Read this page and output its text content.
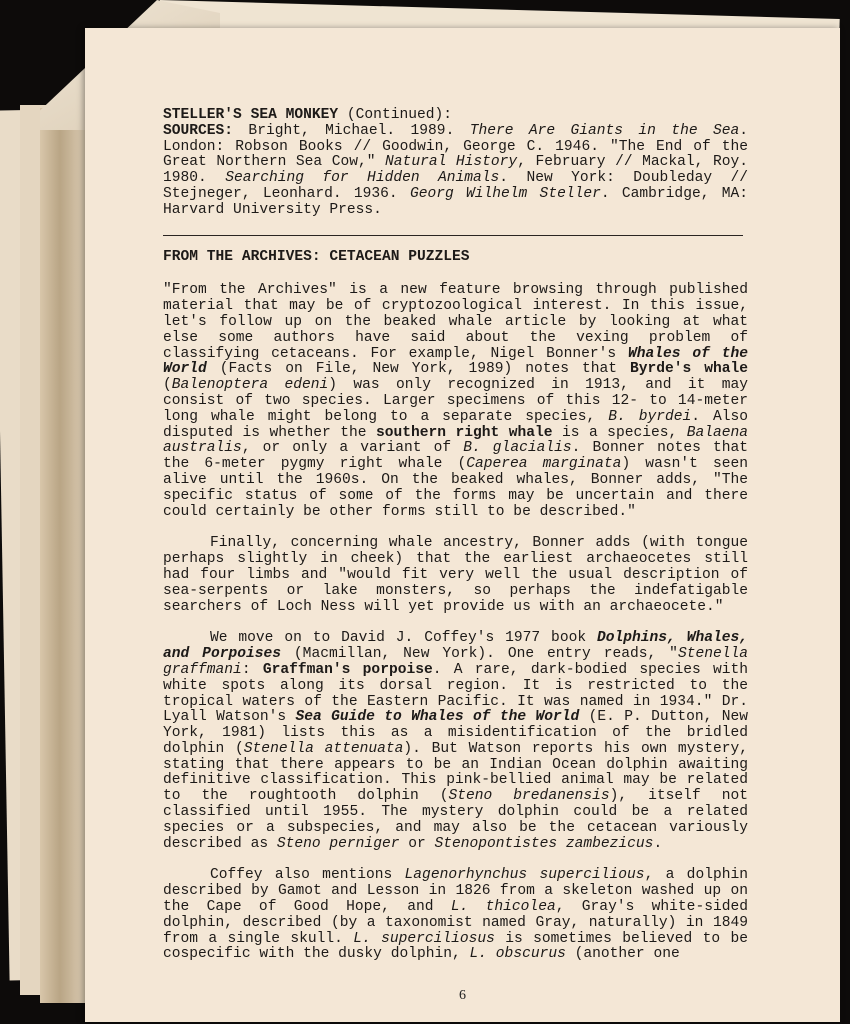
STELLER'S SEA MONKEY (Continued):
SOURCES: Bright, Michael. 1989. There Are Giants in the Sea. London: Robson Books // Goodwin, George C. 1946. "The End of the Great Northern Sea Cow," Natural History, February // Mackal, Roy. 1980. Searching for Hidden Animals. New York: Doubleday // Stejneger, Leonhard. 1936. Georg Wilhelm Steller. Cambridge, MA: Harvard University Press.

FROM THE ARCHIVES: CETACEAN PUZZLES

"From the Archives" is a new feature browsing through published material that may be of cryptozoological interest. In this issue, let's follow up on the beaked whale article by looking at what else some authors have said about the vexing problem of classifying cetaceans. For example, Nigel Bonner's Whales of the World (Facts on File, New York, 1989) notes that Byrde's whale (Balenoptera edeni) was only recognized in 1913, and it may consist of two species. Larger specimens of this 12- to 14-meter long whale might belong to a separate species, B. byrdei. Also disputed is whether the southern right whale is a species, Balaena australis, or only a variant of B. glacialis. Bonner notes that the 6-meter pygmy right whale (Caperea marginata) wasn't seen alive until the 1960s. On the beaked whales, Bonner adds, "The specific status of some of the forms may be uncertain and there could certainly be other forms still to be described."

Finally, concerning whale ancestry, Bonner adds (with tongue perhaps slightly in cheek) that the earliest archaeocetes still had four limbs and "would fit very well the usual description of sea-serpents or lake monsters, so perhaps the indefatigable searchers of Loch Ness will yet provide us with an archaeocete."

We move on to David J. Coffey's 1977 book Dolphins, Whales, and Porpoises (Macmillan, New York). One entry reads, "Stenella graffmani: Graffman's porpoise. A rare, dark-bodied species with white spots along its dorsal region. It is restricted to the tropical waters of the Eastern Pacific. It was named in 1934." Dr. Lyall Watson's Sea Guide to Whales of the World (E. P. Dutton, New York, 1981) lists this as a misidentification of the bridled dolphin (Stenella attenuata). But Watson reports his own mystery, stating that there appears to be an Indian Ocean dolphin awaiting definitive classification. This pink-bellied animal may be related to the roughtooth dolphin (Steno bredanensis), itself not classified until 1955. The mystery dolphin could be a related species or a subspecies, and may also be the cetacean variously described as Steno perniger or Stenopontistes zambezicus.

Coffey also mentions Lagenorhynchus supercilious, a dolphin described by Gamot and Lesson in 1826 from a skeleton washed up on the Cape of Good Hope, and L. thicolea, Gray's white-sided dolphin, described (by a taxonomist named Gray, naturally) in 1849 from a single skull. L. superciliosus is sometimes believed to be cospecific with the dusky dolphin, L. obscurus (another one

6
